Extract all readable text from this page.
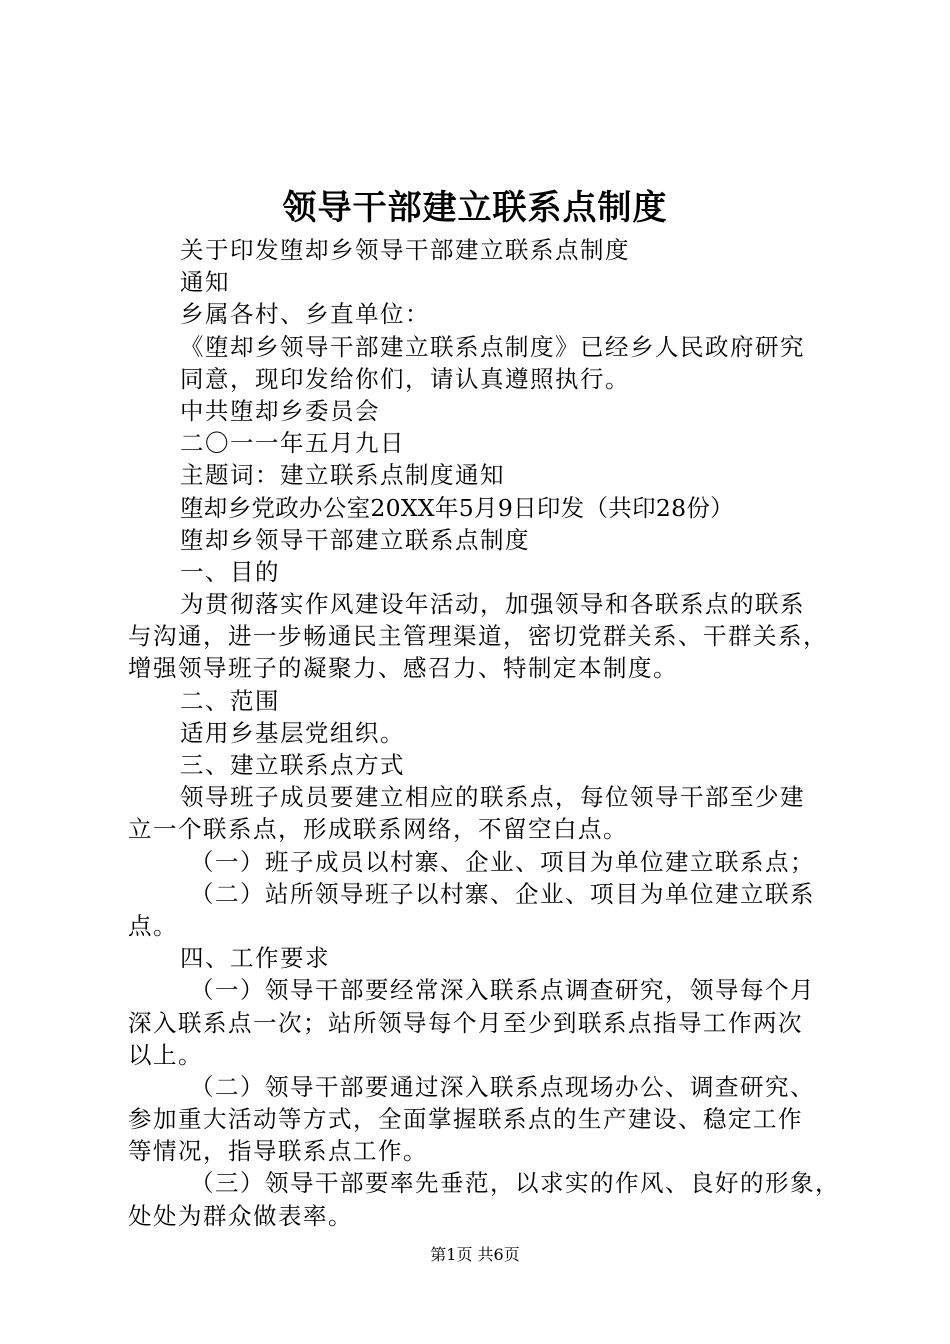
领导干部建立联系点制度
关于印发堕却乡领导干部建立联系点制度
通知
乡属各村、乡直单位：
《堕却乡领导干部建立联系点制度》已经乡人民政府研究
同意，现印发给你们，请认真遵照执行。
中共堕却乡委员会
二〇一一年五月九日
主题词：建立联系点制度通知
堕却乡党政办公室20XX年5月9日印发（共印28份）
堕却乡领导干部建立联系点制度
一、目的
为贯彻落实作风建设年活动，加强领导和各联系点的联系
与沟通，进一步畅通民主管理渠道，密切党群关系、干群关系，
增强领导班子的凝聚力、感召力、特制定本制度。
二、范围
适用乡基层党组织。
三、建立联系点方式
领导班子成员要建立相应的联系点，每位领导干部至少建
立一个联系点，形成联系网络，不留空白点。
（一）班子成员以村寨、企业、项目为单位建立联系点；
（二）站所领导班子以村寨、企业、项目为单位建立联系
点。
四、工作要求
（一）领导干部要经常深入联系点调查研究，领导每个月
深入联系点一次；站所领导每个月至少到联系点指导工作两次
以上。
（二）领导干部要通过深入联系点现场办公、调查研究、
参加重大活动等方式，全面掌握联系点的生产建设、稳定工作
等情况，指导联系点工作。
（三）领导干部要率先垂范，以求实的作风、良好的形象，
处处为群众做表率。
第1页 共6页
